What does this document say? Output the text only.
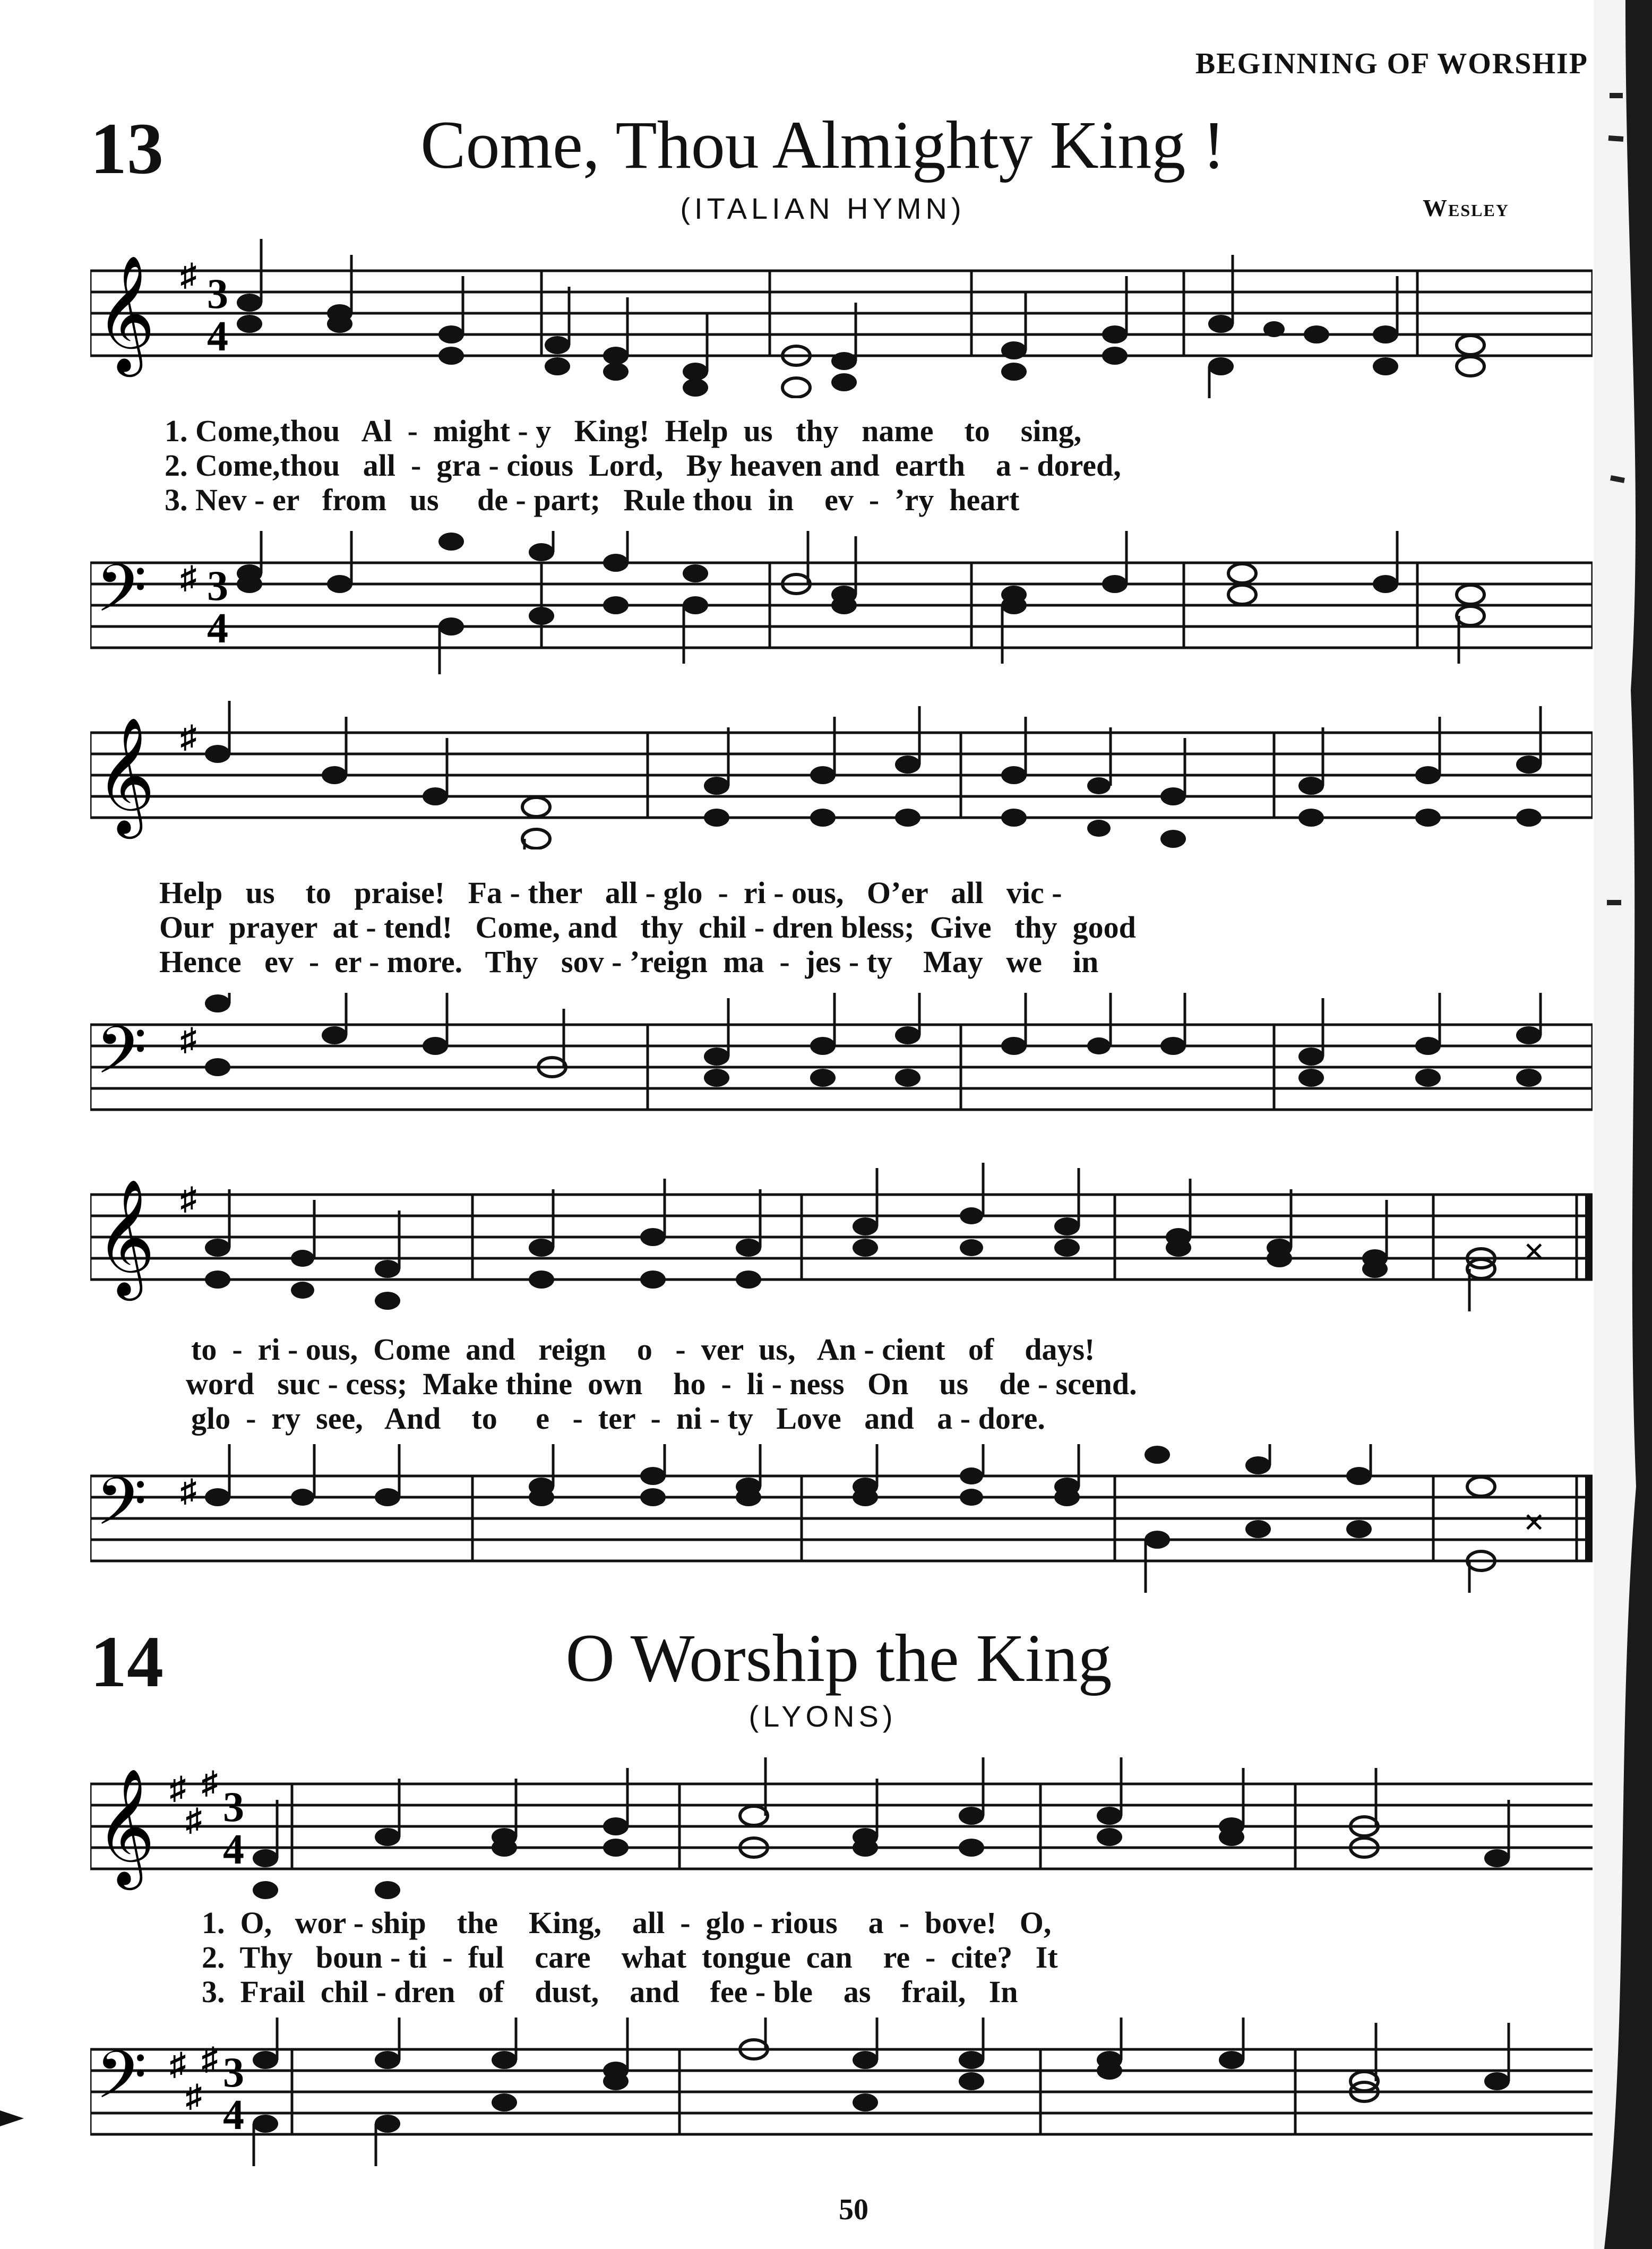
BEGINNING OF WORSHIP
13	Come, Thou Almighty King !
(ITALIAN HYMN)	Wesley
𝄞 ♯ 3
4
1. Come,thou   Al  -  might - y   King!  Help  us   thy   name    to    sing,
2. Come,thou   all  -  gra - cious  Lord,   By heaven and  earth    a - dored,
3. Nev - er   from   us     de - part;   Rule thou  in    ev  -  ’ry  heart
𝄢 ♯ 3
4
𝄞 ♯
Help   us    to   praise!   Fa - ther   all - glo  -  ri - ous,   O’er   all   vic -
Our  prayer  at - tend!   Come, and   thy  chil - dren bless;  Give   thy  good
Hence   ev  -  er - more.   Thy   sov - ’reign  ma  -  jes - ty    May   we    in
𝄢 ♯
𝄞 ♯
×
to  -  ri - ous,  Come  and   reign    o   -  ver  us,   An - cient   of    days!
word   suc - cess;  Make thine  own    ho  -  li - ness   On    us    de - scend.
glo  -  ry  see,   And    to     e   -  ter  -  ni - ty   Love   and   a - dore.
𝄢 ♯
×
14	O Worship the King
(LYONS)
𝄞 ♯
♯
♯
3
4
1.  O,   wor - ship    the    King,    all  -  glo - rious    a  -  bove!   O,
2.  Thy   boun - ti  -  ful    care    what  tongue  can    re  -  cite?   It
3.  Frail  chil - dren   of    dust,    and    fee - ble    as    frail,   In
𝄢 ♯
♯
♯ 3
4
50
